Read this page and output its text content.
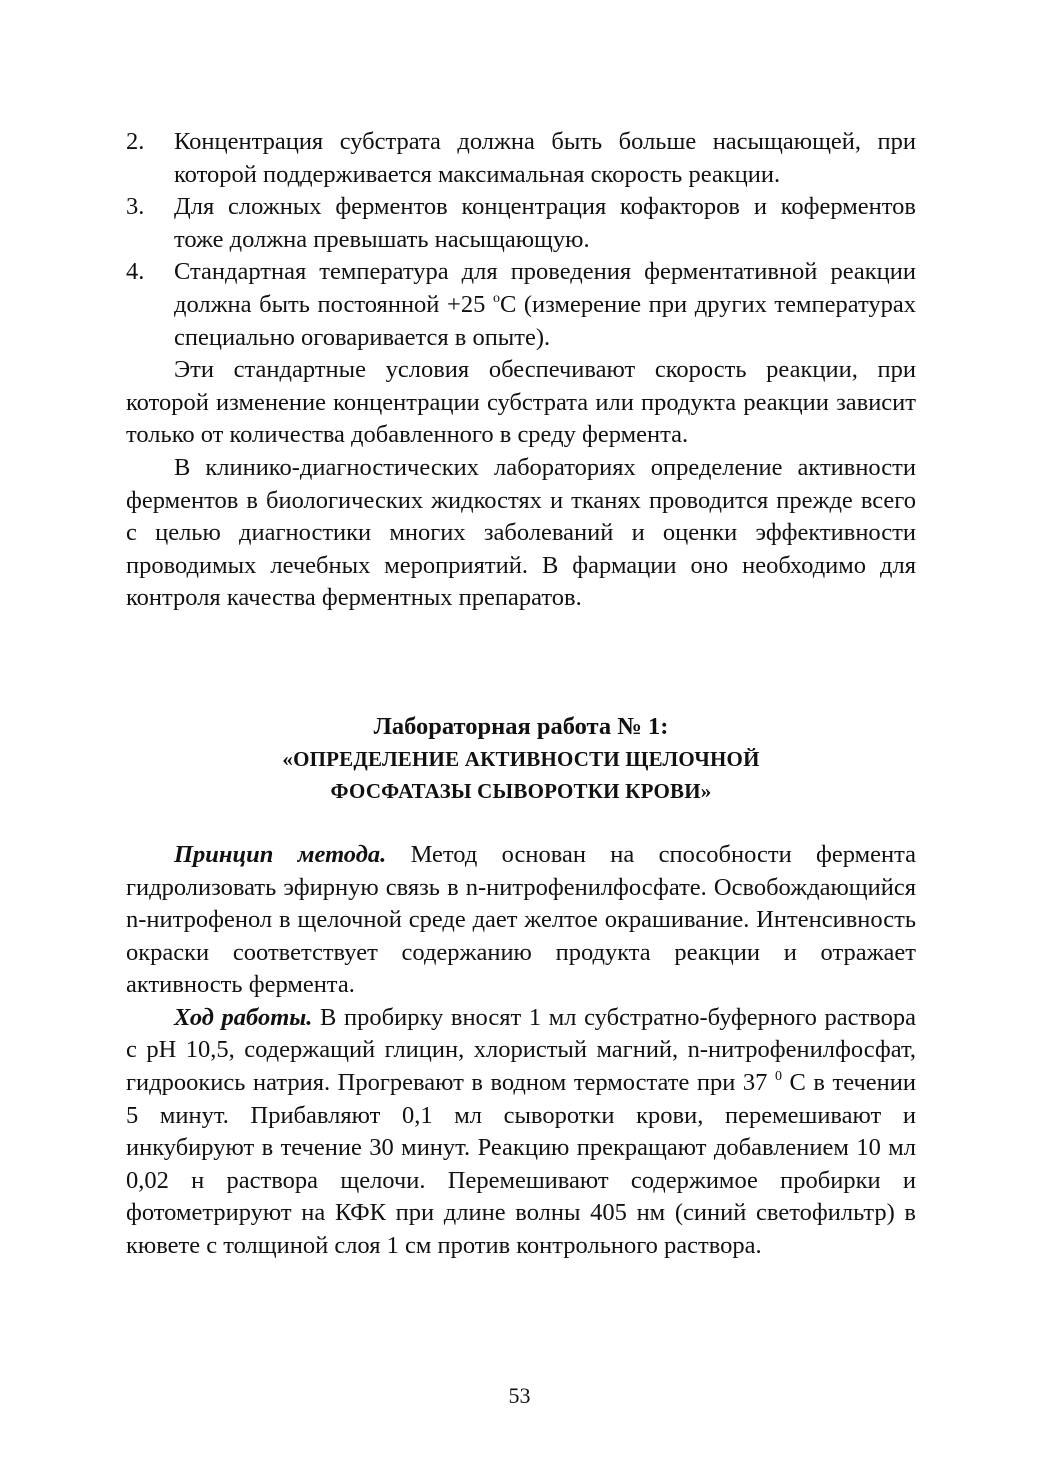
2.	Концентрация субстрата должна быть больше насыщающей, при которой поддерживается максимальная скорость реакции.
3.	Для сложных ферментов концентрация кофакторов и коферментов тоже должна превышать насыщающую.
4.	Стандартная температура для проведения ферментативной реакции должна быть постоянной +25 $^o$С (измерение при других температурах специально оговаривается в опыте).

Эти стандартные условия обеспечивают скорость реакции, при которой изменение концентрации субстрата или продукта реакции зависит только от количества добавленного в среду фермента.

В клинико-диагностических лабораториях определение активности ферментов в биологических жидкостях и тканях проводится прежде всего с целью диагностики многих заболеваний и оценки эффективности проводимых лечебных мероприятий. В фармации оно необходимо для контроля качества ферментных препаратов.

Лабораторная работа № 1:
«ОПРЕДЕЛЕНИЕ АКТИВНОСТИ ЩЕЛОЧНОЙ
ФОСФАТАЗЫ СЫВОРОТКИ КРОВИ»

Принцип метода. Метод основан на способности фермента гидролизовать эфирную связь в n-нитрофенилфосфате. Освобождающийся n-нитрофенол в щелочной среде дает желтое окрашивание. Интенсивность окраски соответствует содержанию продукта реакции и отражает активность фермента.

Ход работы. В пробирку вносят 1 мл субстратно-буферного раствора с pH 10,5, содержащий глицин, хлористый магний, n-нитрофенилфосфат, гидроокись натрия. Прогревают в водном термостате при 37 $^0$ С в течении 5 минут. Прибавляют 0,1 мл сыворотки крови, перемешивают и инкубируют в течение 30 минут. Реакцию прекращают добавлением 10 мл 0,02 н раствора щелочи. Перемешивают содержимое пробирки и фотометрируют на КФК при длине волны 405 нм (синий светофильтр) в кювете с толщиной слоя 1 см против контрольного раствора.

53
